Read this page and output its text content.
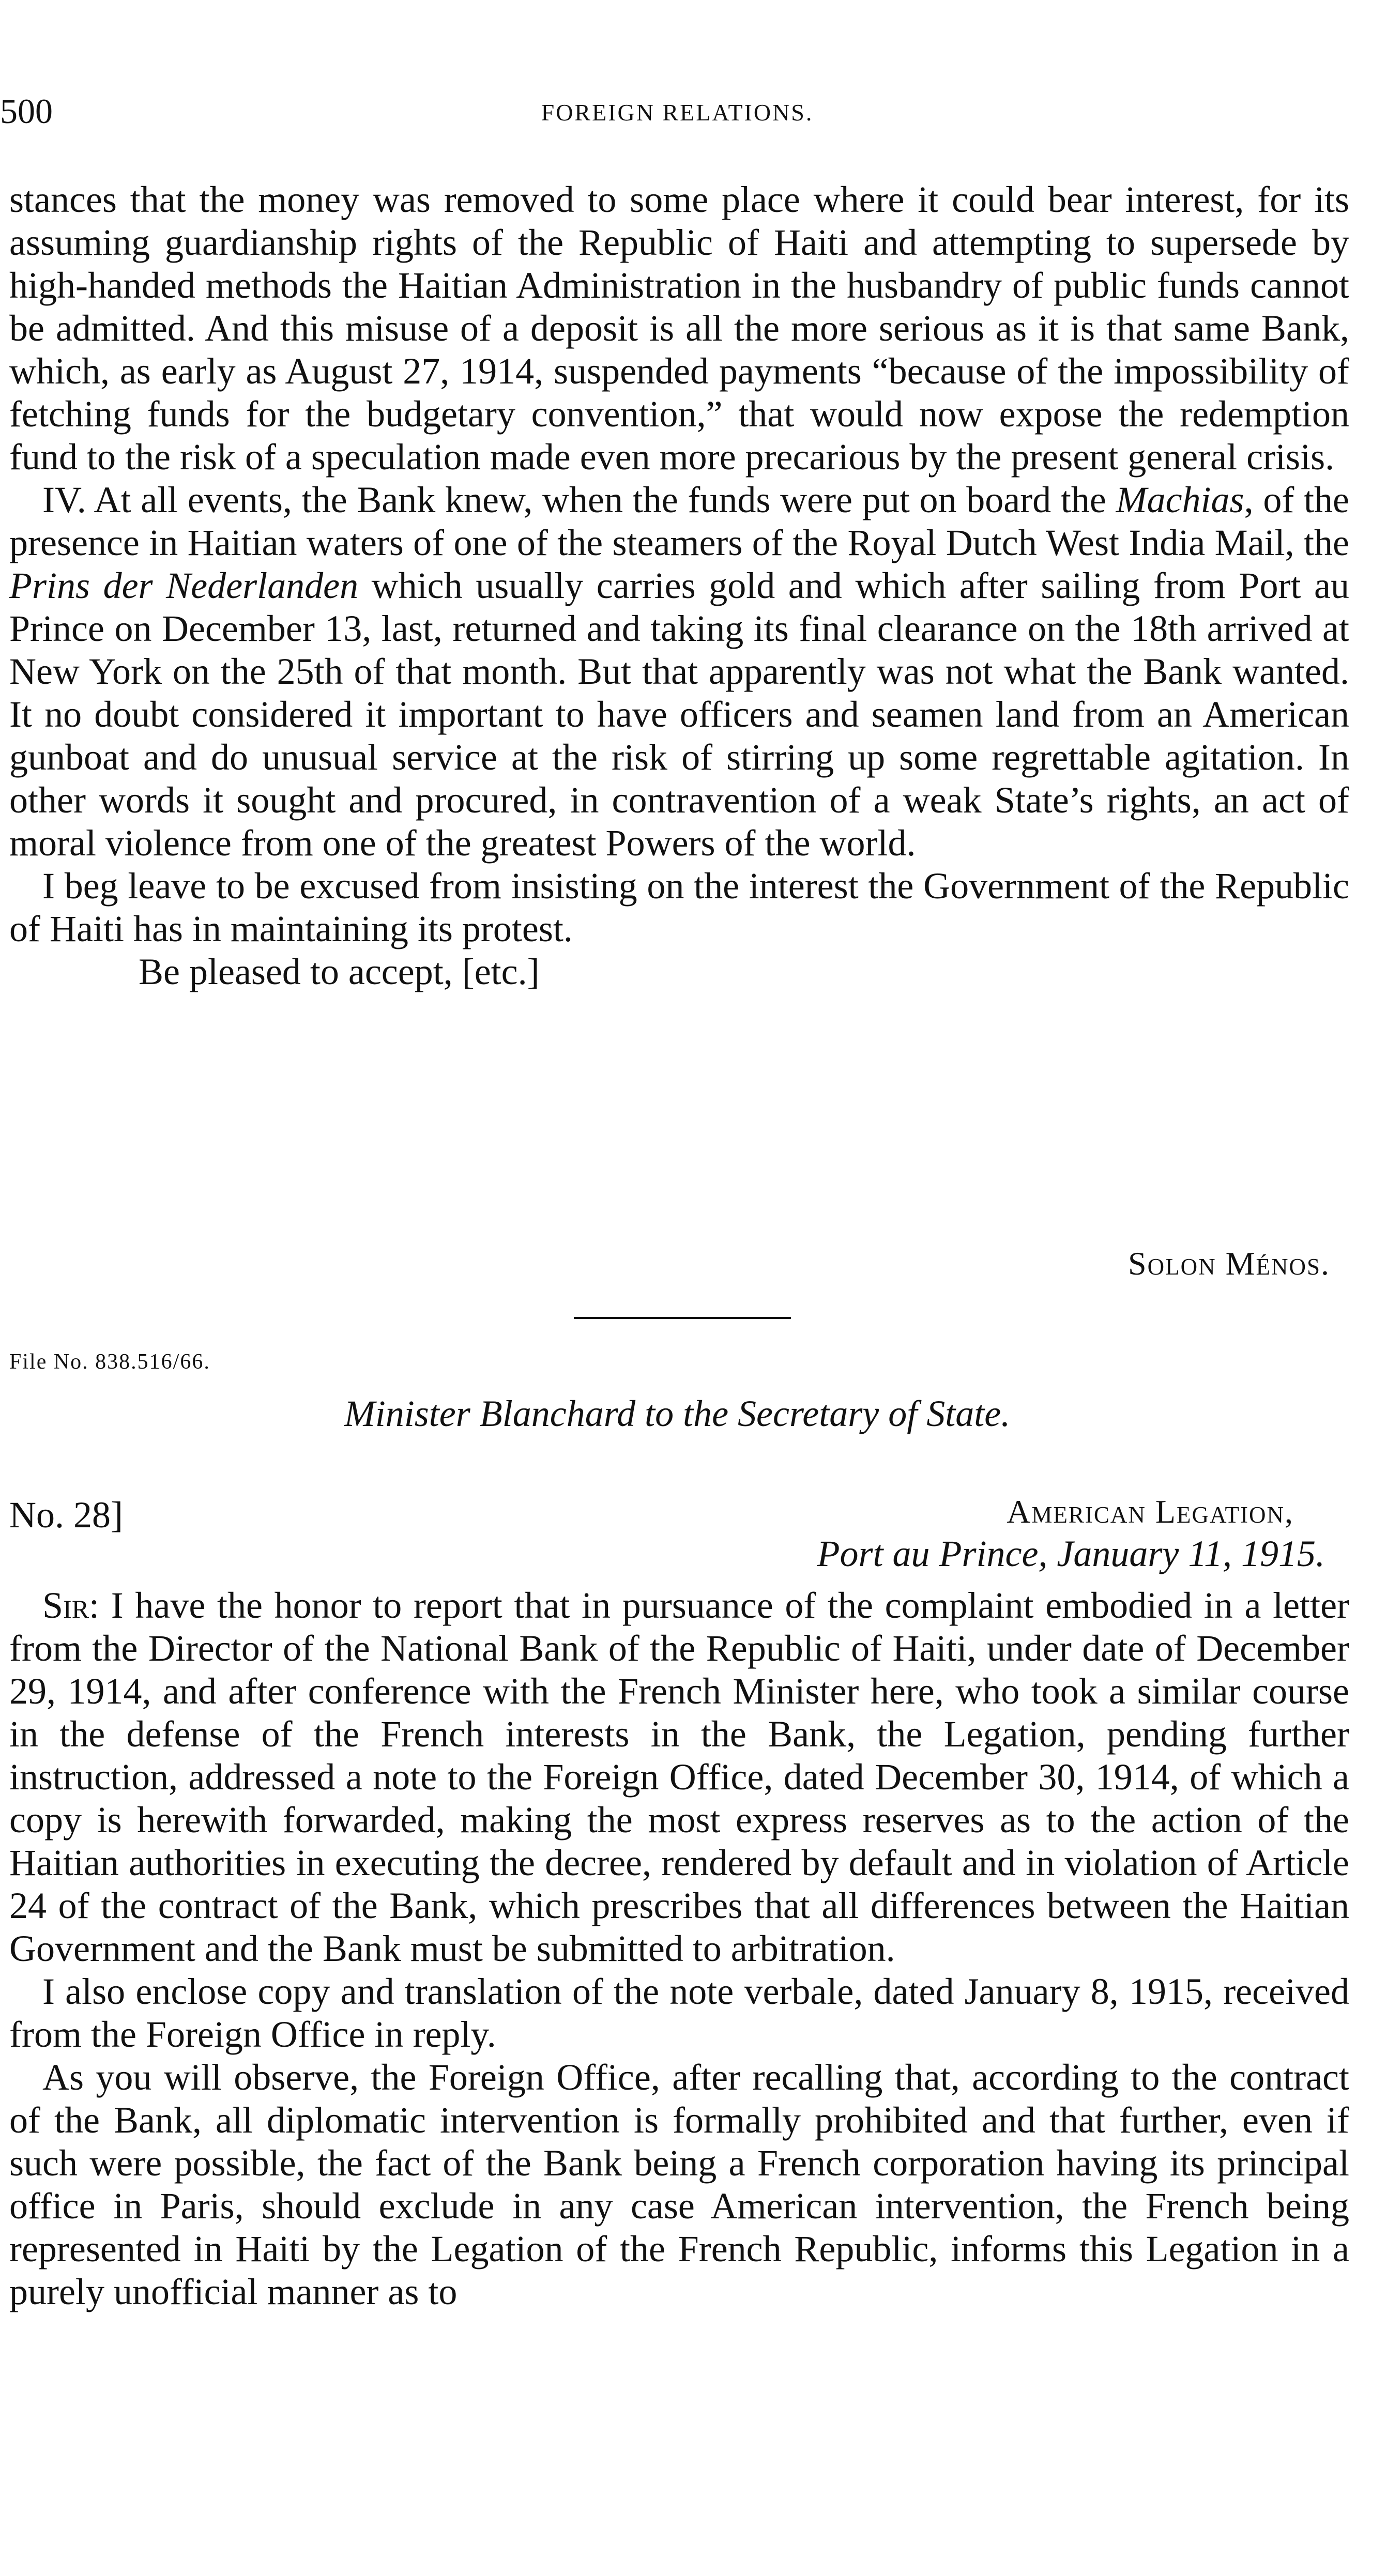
500	FOREIGN RELATIONS.

stances that the money was removed to some place where it could bear interest, for its assuming guardianship rights of the Republic of Haiti and attempting to supersede by high-handed methods the Haitian Administration in the husbandry of public funds cannot be admitted. And this misuse of a deposit is all the more serious as it is that same Bank, which, as early as August 27, 1914, suspended payments “because of the impossibility of fetching funds for the budgetary convention,” that would now expose the redemption fund to the risk of a speculation made even more precarious by the present general crisis.

IV. At all events, the Bank knew, when the funds were put on board the Machias, of the presence in Haitian waters of one of the steamers of the Royal Dutch West India Mail, the Prins der Nederlanden which usually carries gold and which after sailing from Port au Prince on December 13, last, returned and taking its final clearance on the 18th arrived at New York on the 25th of that month. But that apparently was not what the Bank wanted. It no doubt considered it important to have officers and seamen land from an American gunboat and do unusual service at the risk of stirring up some regrettable agitation. In other words it sought and procured, in contravention of a weak State’s rights, an act of moral violence from one of the greatest Powers of the world.

I beg leave to be excused from insisting on the interest the Government of the Republic of Haiti has in maintaining its protest.

Be pleased to accept, [etc.]

Solon Ménos.
File No. 838.516/66.
Minister Blanchard to the Secretary of State.
No. 28]	American Legation,
Port au Prince, January 11, 1915.

Sir: I have the honor to report that in pursuance of the complaint embodied in a letter from the Director of the National Bank of the Republic of Haiti, under date of December 29, 1914, and after conference with the French Minister here, who took a similar course in the defense of the French interests in the Bank, the Legation, pending further instruction, addressed a note to the Foreign Office, dated December 30, 1914, of which a copy is herewith forwarded, making the most express reserves as to the action of the Haitian authorities in executing the decree, rendered by default and in violation of Article 24 of the contract of the Bank, which prescribes that all differences between the Haitian Government and the Bank must be submitted to arbitration.

I also enclose copy and translation of the note verbale, dated January 8, 1915, received from the Foreign Office in reply.

As you will observe, the Foreign Office, after recalling that, according to the contract of the Bank, all diplomatic intervention is formally prohibited and that further, even if such were possible, the fact of the Bank being a French corporation having its principal office in Paris, should exclude in any case American intervention, the French being represented in Haiti by the Legation of the French Republic, informs this Legation in a purely unofficial manner as to
